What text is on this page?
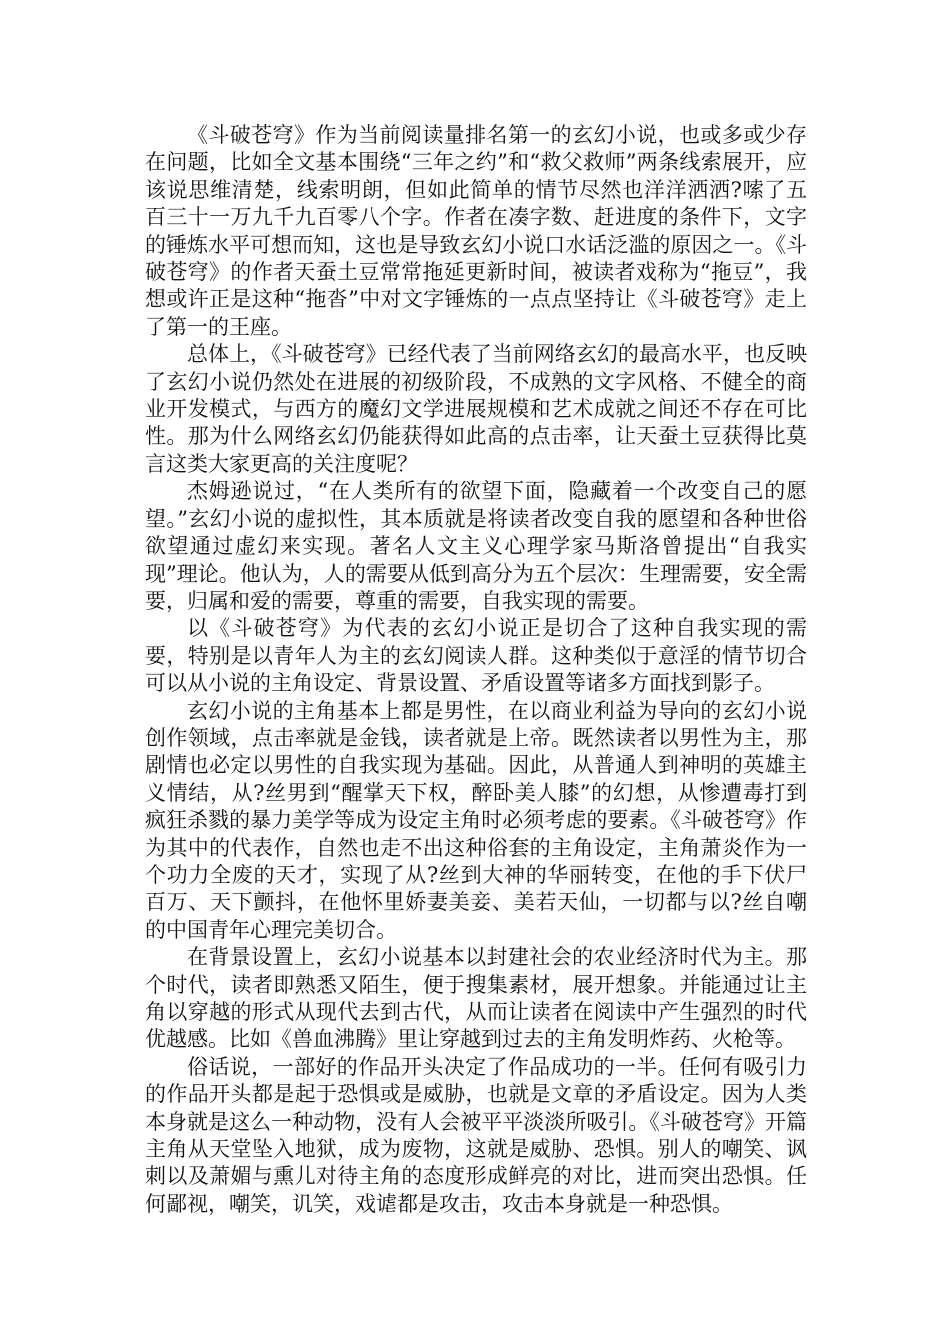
《斗破苍穹》作为当前阅读量排名第一的玄幻小说，也或多或少存在问题，比如全文基本围绕“三年之约”和“救父救师”两条线索展开，应该说思维清楚，线索明朗，但如此简单的情节尽然也洋洋洒洒?嗦了五百三十一万九千九百零八个字。作者在凑字数、赶进度的条件下，文字的锤炼水平可想而知，这也是导致玄幻小说口水话泛滥的原因之一。《斗破苍穹》的作者天蚕土豆常常拖延更新时间，被读者戏称为“拖豆”，我想或许正是这种“拖沓”中对文字锤炼的一点点坚持让《斗破苍穹》走上了第一的王座。

总体上，《斗破苍穹》已经代表了当前网络玄幻的最高水平，也反映了玄幻小说仍然处在进展的初级阶段，不成熟的文字风格、不健全的商业开发模式，与西方的魔幻文学进展规模和艺术成就之间还不存在可比性。那为什么网络玄幻仍能获得如此高的点击率，让天蚕土豆获得比莫言这类大家更高的关注度呢？

杰姆逊说过，“在人类所有的欲望下面，隐藏着一个改变自己的愿望。”玄幻小说的虚拟性，其本质就是将读者改变自我的愿望和各种世俗欲望通过虚幻来实现。著名人文主义心理学家马斯洛曾提出“自我实现”理论。他认为，人的需要从低到高分为五个层次：生理需要，安全需要，归属和爱的需要，尊重的需要，自我实现的需要。

以《斗破苍穹》为代表的玄幻小说正是切合了这种自我实现的需要，特别是以青年人为主的玄幻阅读人群。这种类似于意淫的情节切合可以从小说的主角设定、背景设置、矛盾设置等诸多方面找到影子。

玄幻小说的主角基本上都是男性，在以商业利益为导向的玄幻小说创作领域，点击率就是金钱，读者就是上帝。既然读者以男性为主，那剧情也必定以男性的自我实现为基础。因此，从普通人到神明的英雄主义情结，从?丝男到“醒掌天下权，醉卧美人膝”的幻想，从惨遭毒打到疯狂杀戮的暴力美学等成为设定主角时必须考虑的要素。《斗破苍穹》作为其中的代表作，自然也走不出这种俗套的主角设定，主角萧炎作为一个功力全废的天才，实现了从?丝到大神的华丽转变，在他的手下伏尸百万、天下颤抖，在他怀里娇妻美妾、美若天仙，一切都与以?丝自嘲的中国青年心理完美切合。

在背景设置上，玄幻小说基本以封建社会的农业经济时代为主。那个时代，读者即熟悉又陌生，便于搜集素材，展开想象。并能通过让主角以穿越的形式从现代去到古代，从而让读者在阅读中产生强烈的时代优越感。比如《兽血沸腾》里让穿越到过去的主角发明炸药、火枪等。

俗话说，一部好的作品开头决定了作品成功的一半。任何有吸引力的作品开头都是起于恐惧或是威胁，也就是文章的矛盾设定。因为人类本身就是这么一种动物，没有人会被平平淡淡所吸引。《斗破苍穹》开篇主角从天堂坠入地狱，成为废物，这就是威胁、恐惧。别人的嘲笑、讽刺以及萧媚与熏儿对待主角的态度形成鲜亮的对比，进而突出恐惧。任何鄙视，嘲笑，讥笑，戏谑都是攻击，攻击本身就是一种恐惧。
